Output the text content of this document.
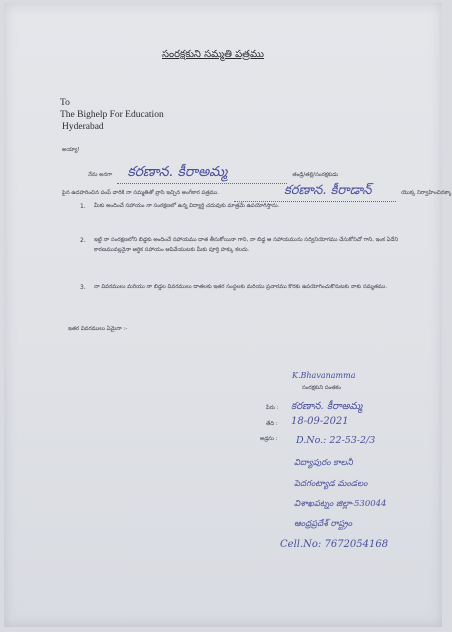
సంరక్షకుని సమ్మతి పత్రము
To
The Bighelp For Education
Hyderabad
అయ్యా!
నేను అనగా కరణాన. కీరాఅమ్మ	తండ్రి/తల్లి/సంరక్షకుడు
పైన ఉదహరించిన పంప్ వారికి నా సమ్మతితో వ్రాసి ఇచ్చిన అంగీకార పత్రము.	కరణాన. కీరాడాన్	యొక్క నిర్వాహించినక్కా
1. మీకు అందించే సహాయం నా సంరక్షణలో ఉన్న విద్యార్థి చదువుకు మాత్రమే ఉపయోగిస్తాను.
2. ఇట్టి నా సంరక్షణలోని బిడ్డకు అందించే సహాయము దాత తీసుకోయినా గాని, నా బిడ్డ ఆ సహాయమును సద్వినియోగము చేసుకోనిచో గాని, ఇంక ఏదేని కారణమువల్లనైనా ఆర్థిక సహాయం ఆపివేయుటకు మీకు పూర్తి హక్కు కలదు.
3. నా వివరములు మరియు నా బిడ్డల వివరములు దాతలకు ఇతర సంస్థలకు మరియు ప్రచారము కొరకు ఉపయోగించుకొనుటకు నాకు సమ్మతము.
ఇతర వివరములు ఏమైనా :-
K.Bhavanamma
సంరక్షకుని సంతకం
పేరు : కరణాన. కీరాఅమ్మ
తేది : 18-09-2021
అడ్రసు : D.No.: 22-53-2/3
విద్యాపురం కాలనీ
పెదగంట్యాడ మండలం
విశాఖపట్నం జిల్లా-530044
ఆంధ్రప్రదేశ్ రాష్ట్రం
Cell.No: 7672054168
